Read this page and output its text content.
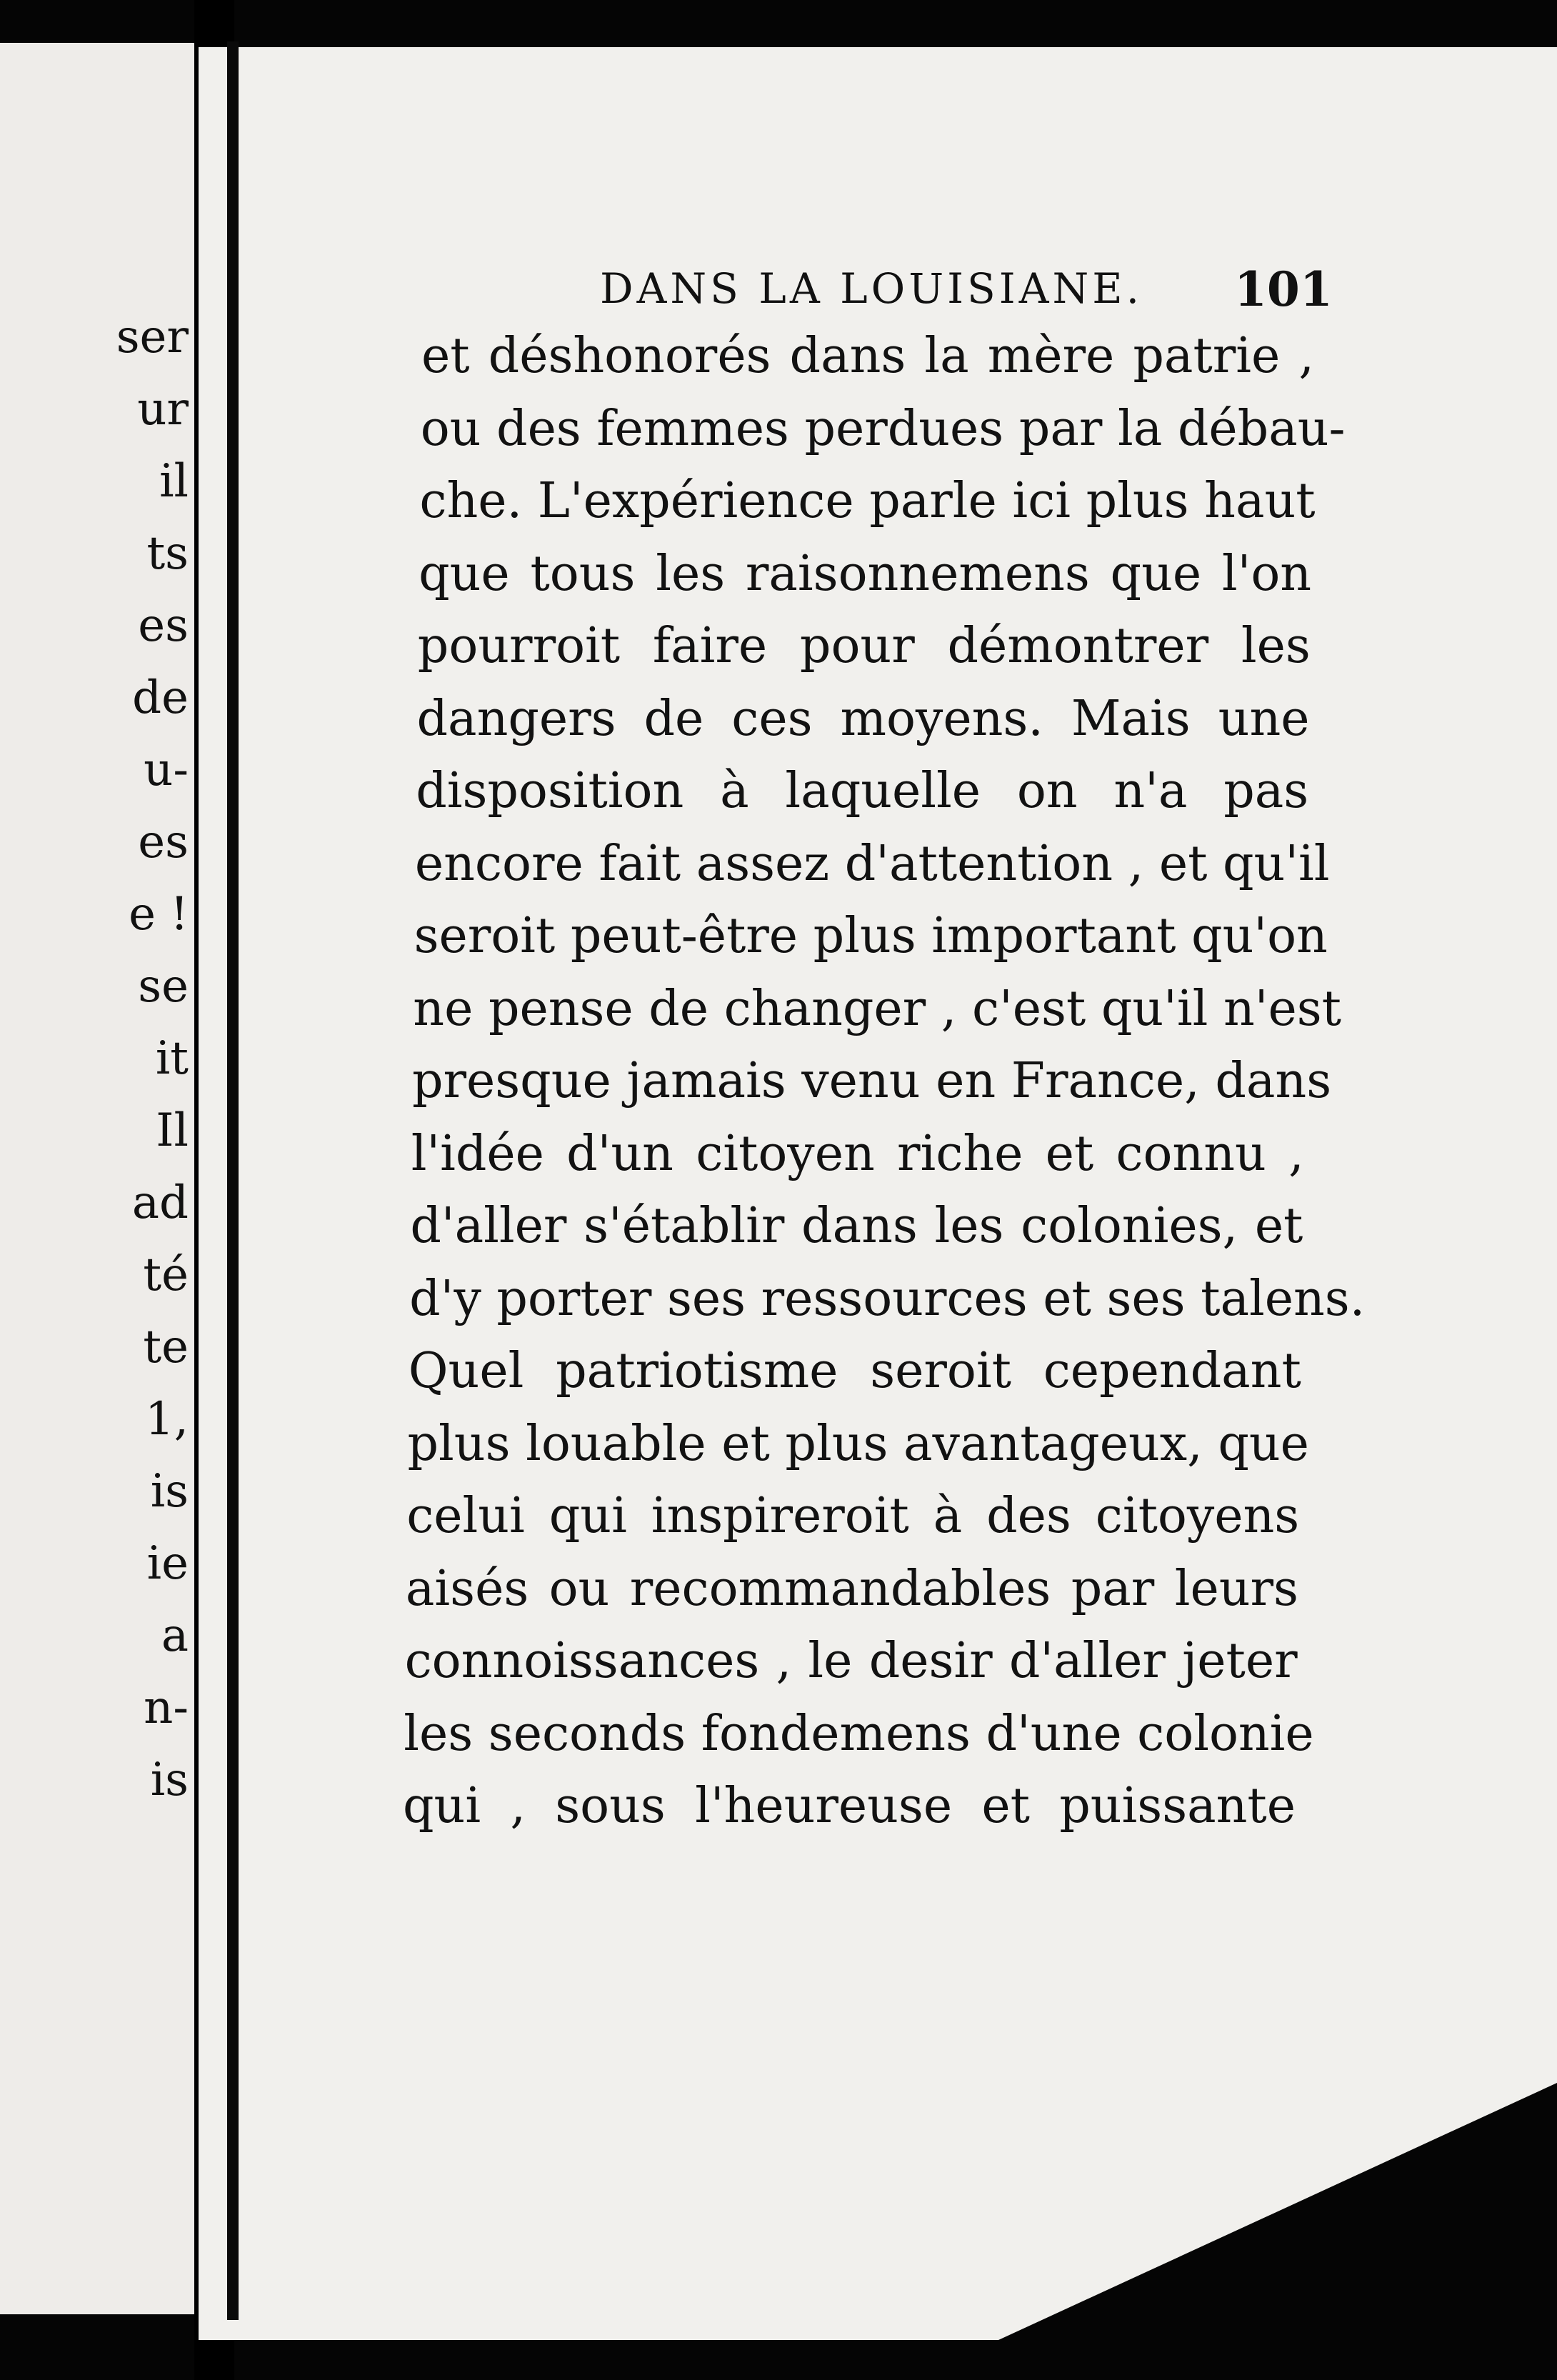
ser
ur
il
ts
es
de
u-
es
e !
se
it
Il
ad
té
te
1,
is
ie
a
n-
is
DANS LA LOUISIANE. 101
et déshonorés dans la mère patrie ,
ou des femmes perdues par la débau-
che. L'expérience parle ici plus haut
que tous les raisonnemens que l'on
pourroit faire pour démontrer les
dangers de ces moyens. Mais une
disposition à laquelle on n'a pas
encore fait assez d'attention , et qu'il
seroit peut-être plus important qu'on
ne pense de changer , c'est qu'il n'est
presque jamais venu en France, dans
l'idée d'un citoyen riche et connu ,
d'aller s'établir dans les colonies, et
d'y porter ses ressources et ses talens.
Quel patriotisme seroit cependant
plus louable et plus avantageux, que
celui qui inspireroit à des citoyens
aisés ou recommandables par leurs
connoissances , le desir d'aller jeter
les seconds fondemens d'une colonie
qui , sous l'heureuse et puissante
